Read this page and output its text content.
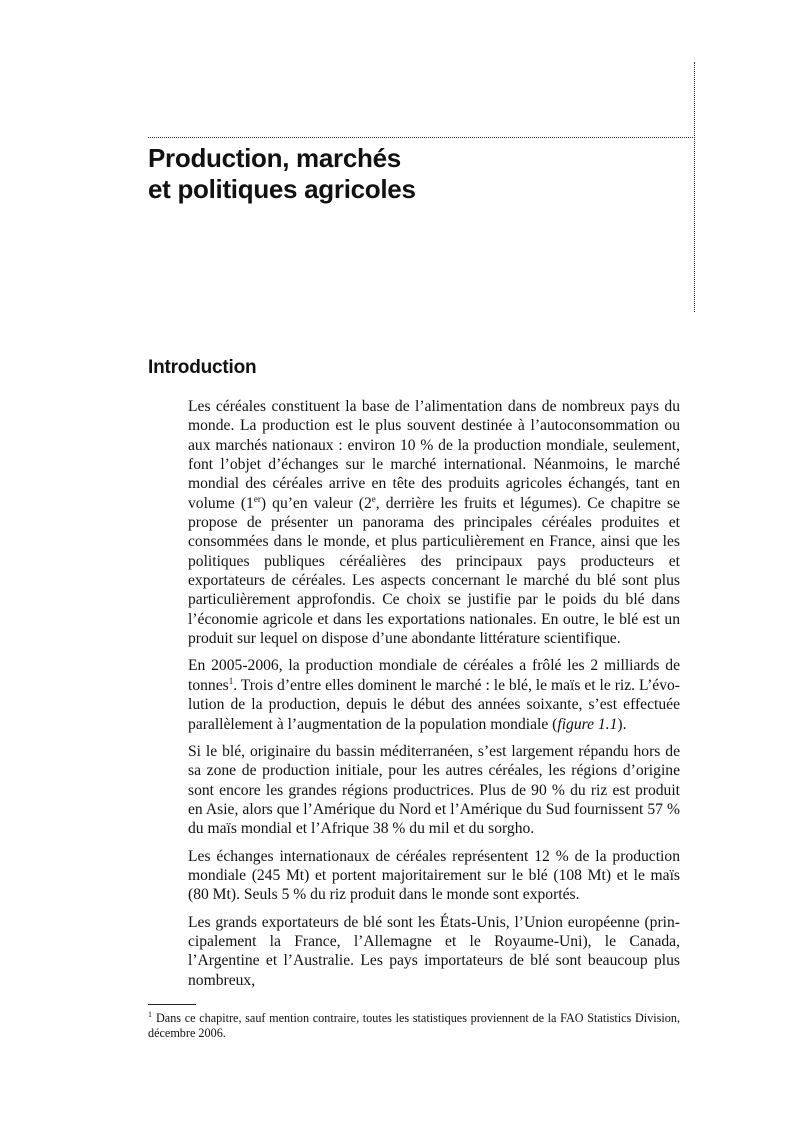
Production, marchés
et politiques agricoles
Introduction

Les céréales constituent la base de l’alimentation dans de nombreux pays du monde. La production est le plus souvent destinée à l’autoconsommation ou aux marchés nationaux : environ 10 % de la production mondiale, seulement, font l’objet d’échanges sur le marché international. Néanmoins, le marché mondial des céréales arrive en tête des produits agricoles échangés, tant en volume (1er) qu’en valeur (2e, derrière les fruits et légumes). Ce chapitre se propose de présenter un panorama des principales céréales produites et consommées dans le monde, et plus particulièrement en France, ainsi que les politiques publiques céréalières des principaux pays producteurs et exportateurs de céréales. Les aspects concernant le marché du blé sont plus particulièrement approfondis. Ce choix se justifie par le poids du blé dans l’économie agricole et dans les exportations nationales. En outre, le blé est un produit sur lequel on dispose d’une abondante littérature scientifique.

En 2005-2006, la production mondiale de céréales a frôlé les 2 milliards de tonnes$^1$. Trois d’entre elles dominent le marché : le blé, le maïs et le riz. L’évolution de la production, depuis le début des années soixante, s’est effectuée parallèlement à l’augmentation de la population mondiale (figure 1.1).

Si le blé, originaire du bassin méditerranéen, s’est largement répandu hors de sa zone de production initiale, pour les autres céréales, les régions d’origine sont encore les grandes régions productrices. Plus de 90 % du riz est produit en Asie, alors que l’Amérique du Nord et l’Amérique du Sud fournissent 57 % du maïs mondial et l’Afrique 38 % du mil et du sorgho.

Les échanges internationaux de céréales représentent 12 % de la production mondiale (245 Mt) et portent majoritairement sur le blé (108 Mt) et le maïs (80 Mt). Seuls 5 % du riz produit dans le monde sont exportés.

Les grands exportateurs de blé sont les États-Unis, l’Union européenne (principalement la France, l’Allemagne et le Royaume-Uni), le Canada, l’Argentine et l’Australie. Les pays importateurs de blé sont beaucoup plus nombreux,

$^1$ Dans ce chapitre, sauf mention contraire, toutes les statistiques proviennent de la FAO Statistics Division, décembre 2006.
